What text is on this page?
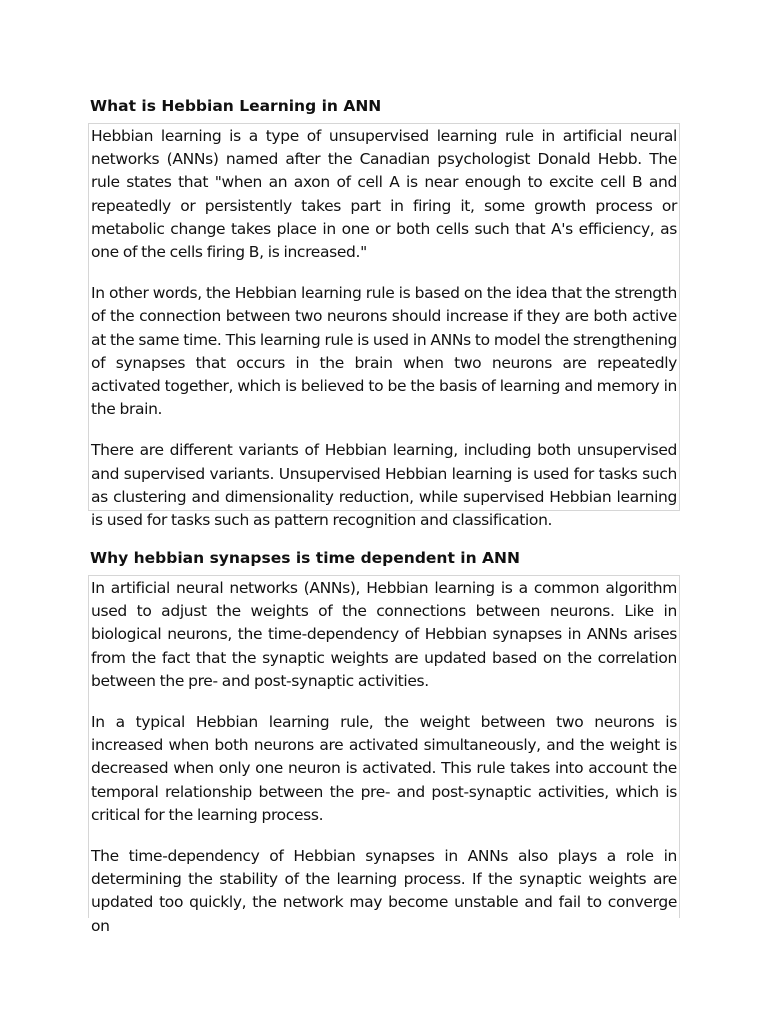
What is Hebbian Learning in ANN

Hebbian learning is a type of unsupervised learning rule in artificial neural networks (ANNs) named after the Canadian psychologist Donald Hebb. The rule states that "when an axon of cell A is near enough to excite cell B and repeatedly or persistently takes part in firing it, some growth process or metabolic change takes place in one or both cells such that A's efficiency, as one of the cells firing B, is increased."

In other words, the Hebbian learning rule is based on the idea that the strength of the connection between two neurons should increase if they are both active at the same time. This learning rule is used in ANNs to model the strengthening of synapses that occurs in the brain when two neurons are repeatedly activated together, which is believed to be the basis of learning and memory in the brain.

There are different variants of Hebbian learning, including both unsupervised and supervised variants. Unsupervised Hebbian learning is used for tasks such as clustering and dimensionality reduction, while supervised Hebbian learning is used for tasks such as pattern recognition and classification.

Why hebbian synapses is time dependent in ANN

In artificial neural networks (ANNs), Hebbian learning is a common algorithm used to adjust the weights of the connections between neurons. Like in biological neurons, the time-dependency of Hebbian synapses in ANNs arises from the fact that the synaptic weights are updated based on the correlation between the pre- and post-synaptic activities.

In a typical Hebbian learning rule, the weight between two neurons is increased when both neurons are activated simultaneously, and the weight is decreased when only one neuron is activated. This rule takes into account the temporal relationship between the pre- and post-synaptic activities, which is critical for the learning process.

The time-dependency of Hebbian synapses in ANNs also plays a role in determining the stability of the learning process. If the synaptic weights are updated too quickly, the network may become unstable and fail to converge on
